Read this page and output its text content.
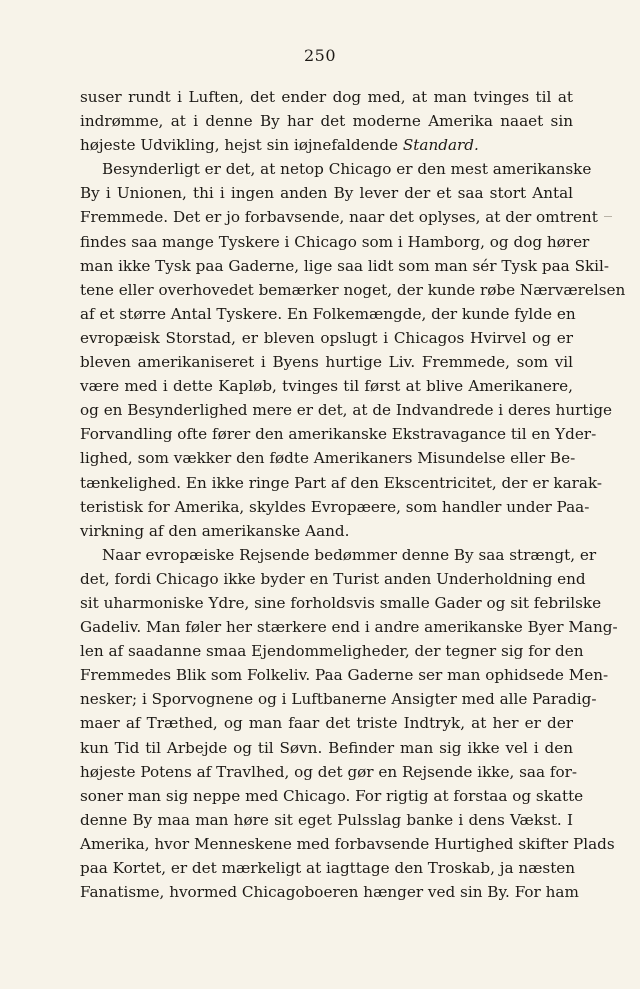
250
suser rundt i Luften, det ender dog med, at man tvinges til at
indrømme, at i denne By har det moderne Amerika naaet sin
højeste Udvikling, hejst sin iøjnefaldende Standard.
Besynderligt er det, at netop Chicago er den mest amerikanske
By i Unionen, thi i ingen anden By lever der et saa stort Antal
Fremmede. Det er jo forbavsende, naar det oplyses, at der omtrent
findes saa mange Tyskere i Chicago som i Hamborg, og dog hører
man ikke Tysk paa Gaderne, lige saa lidt som man sér Tysk paa Skil-
tene eller overhovedet bemærker noget, der kunde røbe Nærværelsen
af et større Antal Tyskere. En Folkemængde, der kunde fylde en
evropæisk Storstad, er bleven opslugt i Chicagos Hvirvel og er
bleven amerikaniseret i Byens hurtige Liv. Fremmede, som vil
være med i dette Kapløb, tvinges til først at blive Amerikanere,
og en Besynderlighed mere er det, at de Indvandrede i deres hurtige
Forvandling ofte fører den amerikanske Ekstravagance til en Yder-
lighed, som vækker den fødte Amerikaners Misundelse eller Be-
tænkelighed. En ikke ringe Part af den Ekscentricitet, der er karak-
teristisk for Amerika, skyldes Evropæere, som handler under Paa-
virkning af den amerikanske Aand.
Naar evropæiske Rejsende bedømmer denne By saa strængt, er
det, fordi Chicago ikke byder en Turist anden Underholdning end
sit uharmoniske Ydre, sine forholdsvis smalle Gader og sit febrilske
Gadeliv. Man føler her stærkere end i andre amerikanske Byer Mang-
len af saadanne smaa Ejendommeligheder, der tegner sig for den
Fremmedes Blik som Folkeliv. Paa Gaderne ser man ophidsede Men-
nesker; i Sporvognene og i Luftbanerne Ansigter med alle Paradig-
maer af Træthed, og man faar det triste Indtryk, at her er der
kun Tid til Arbejde og til Søvn. Befinder man sig ikke vel i den
højeste Potens af Travlhed, og det gør en Rejsende ikke, saa for-
soner man sig neppe med Chicago. For rigtig at forstaa og skatte
denne By maa man høre sit eget Pulsslag banke i dens Vækst. I
Amerika, hvor Menneskene med forbavsende Hurtighed skifter Plads
paa Kortet, er det mærkeligt at iagttage den Troskab, ja næsten
Fanatisme, hvormed Chicagoboeren hænger ved sin By. For ham
